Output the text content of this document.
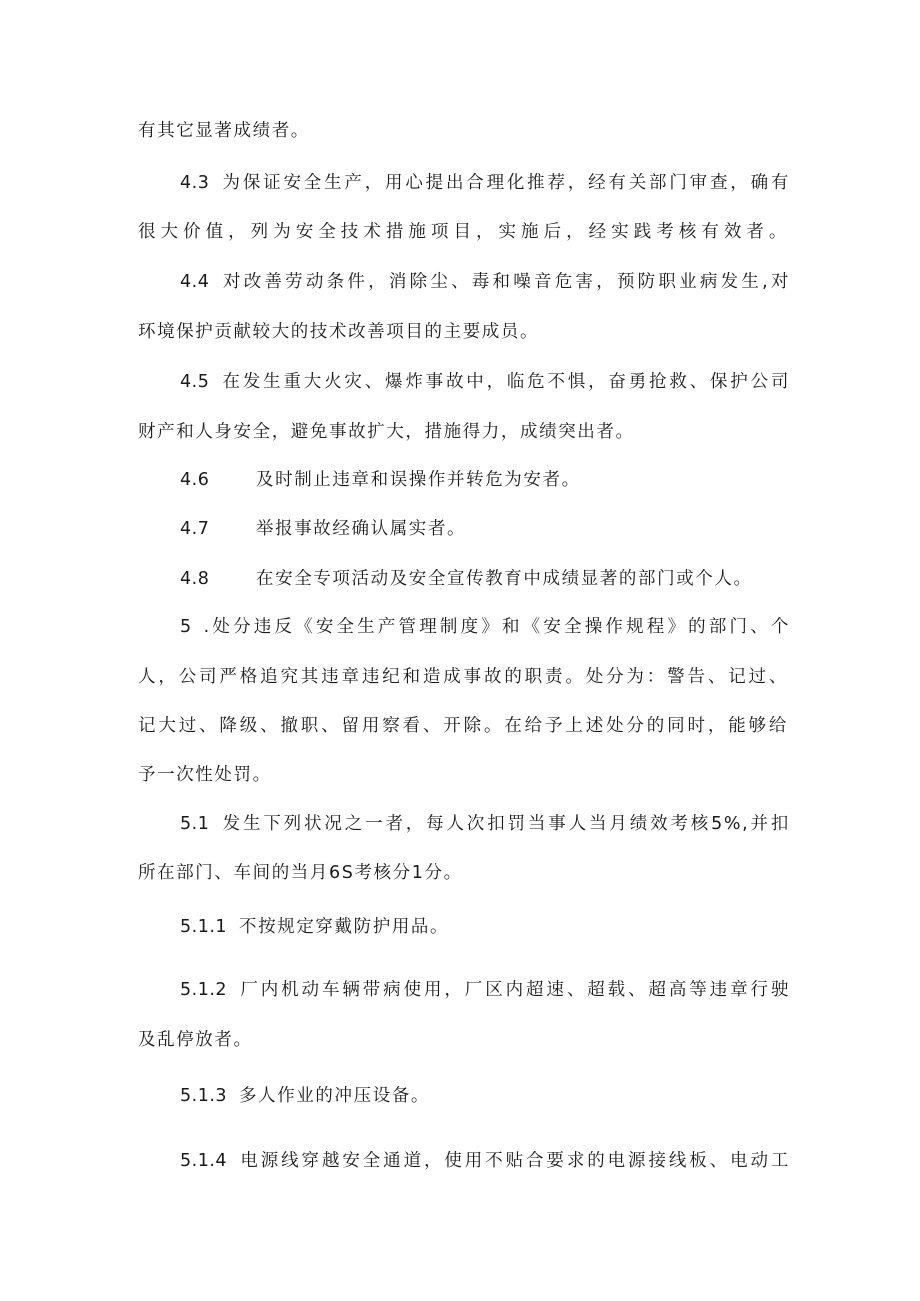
有其它显著成绩者。
4.3 为保证安全生产，用心提出合理化推荐，经有关部门审查，确有
很大价值，列为安全技术措施项目，实施后，经实践考核有效者。
4.4 对改善劳动条件，消除尘、毒和噪音危害，预防职业病发生,对
环境保护贡献较大的技术改善项目的主要成员。
4.5 在发生重大火灾、爆炸事故中，临危不惧，奋勇抢救、保护公司
财产和人身安全，避免事故扩大，措施得力，成绩突出者。
4.6	及时制止违章和误操作并转危为安者。
4.7	举报事故经确认属实者。
4.8	在安全专项活动及安全宣传教育中成绩显著的部门或个人。
5 .处分违反《安全生产管理制度》和《安全操作规程》的部门、个
人，公司严格追究其违章违纪和造成事故的职责。处分为：警告、记过、
记大过、降级、撤职、留用察看、开除。在给予上述处分的同时，能够给
予一次性处罚。
5.1 发生下列状况之一者，每人次扣罚当事人当月绩效考核5%,并扣
所在部门、车间的当月6S考核分1分。
5.1.1 不按规定穿戴防护用品。
5.1.2 厂内机动车辆带病使用，厂区内超速、超载、超高等违章行驶
及乱停放者。
5.1.3 多人作业的冲压设备。
5.1.4 电源线穿越安全通道，使用不贴合要求的电源接线板、电动工
